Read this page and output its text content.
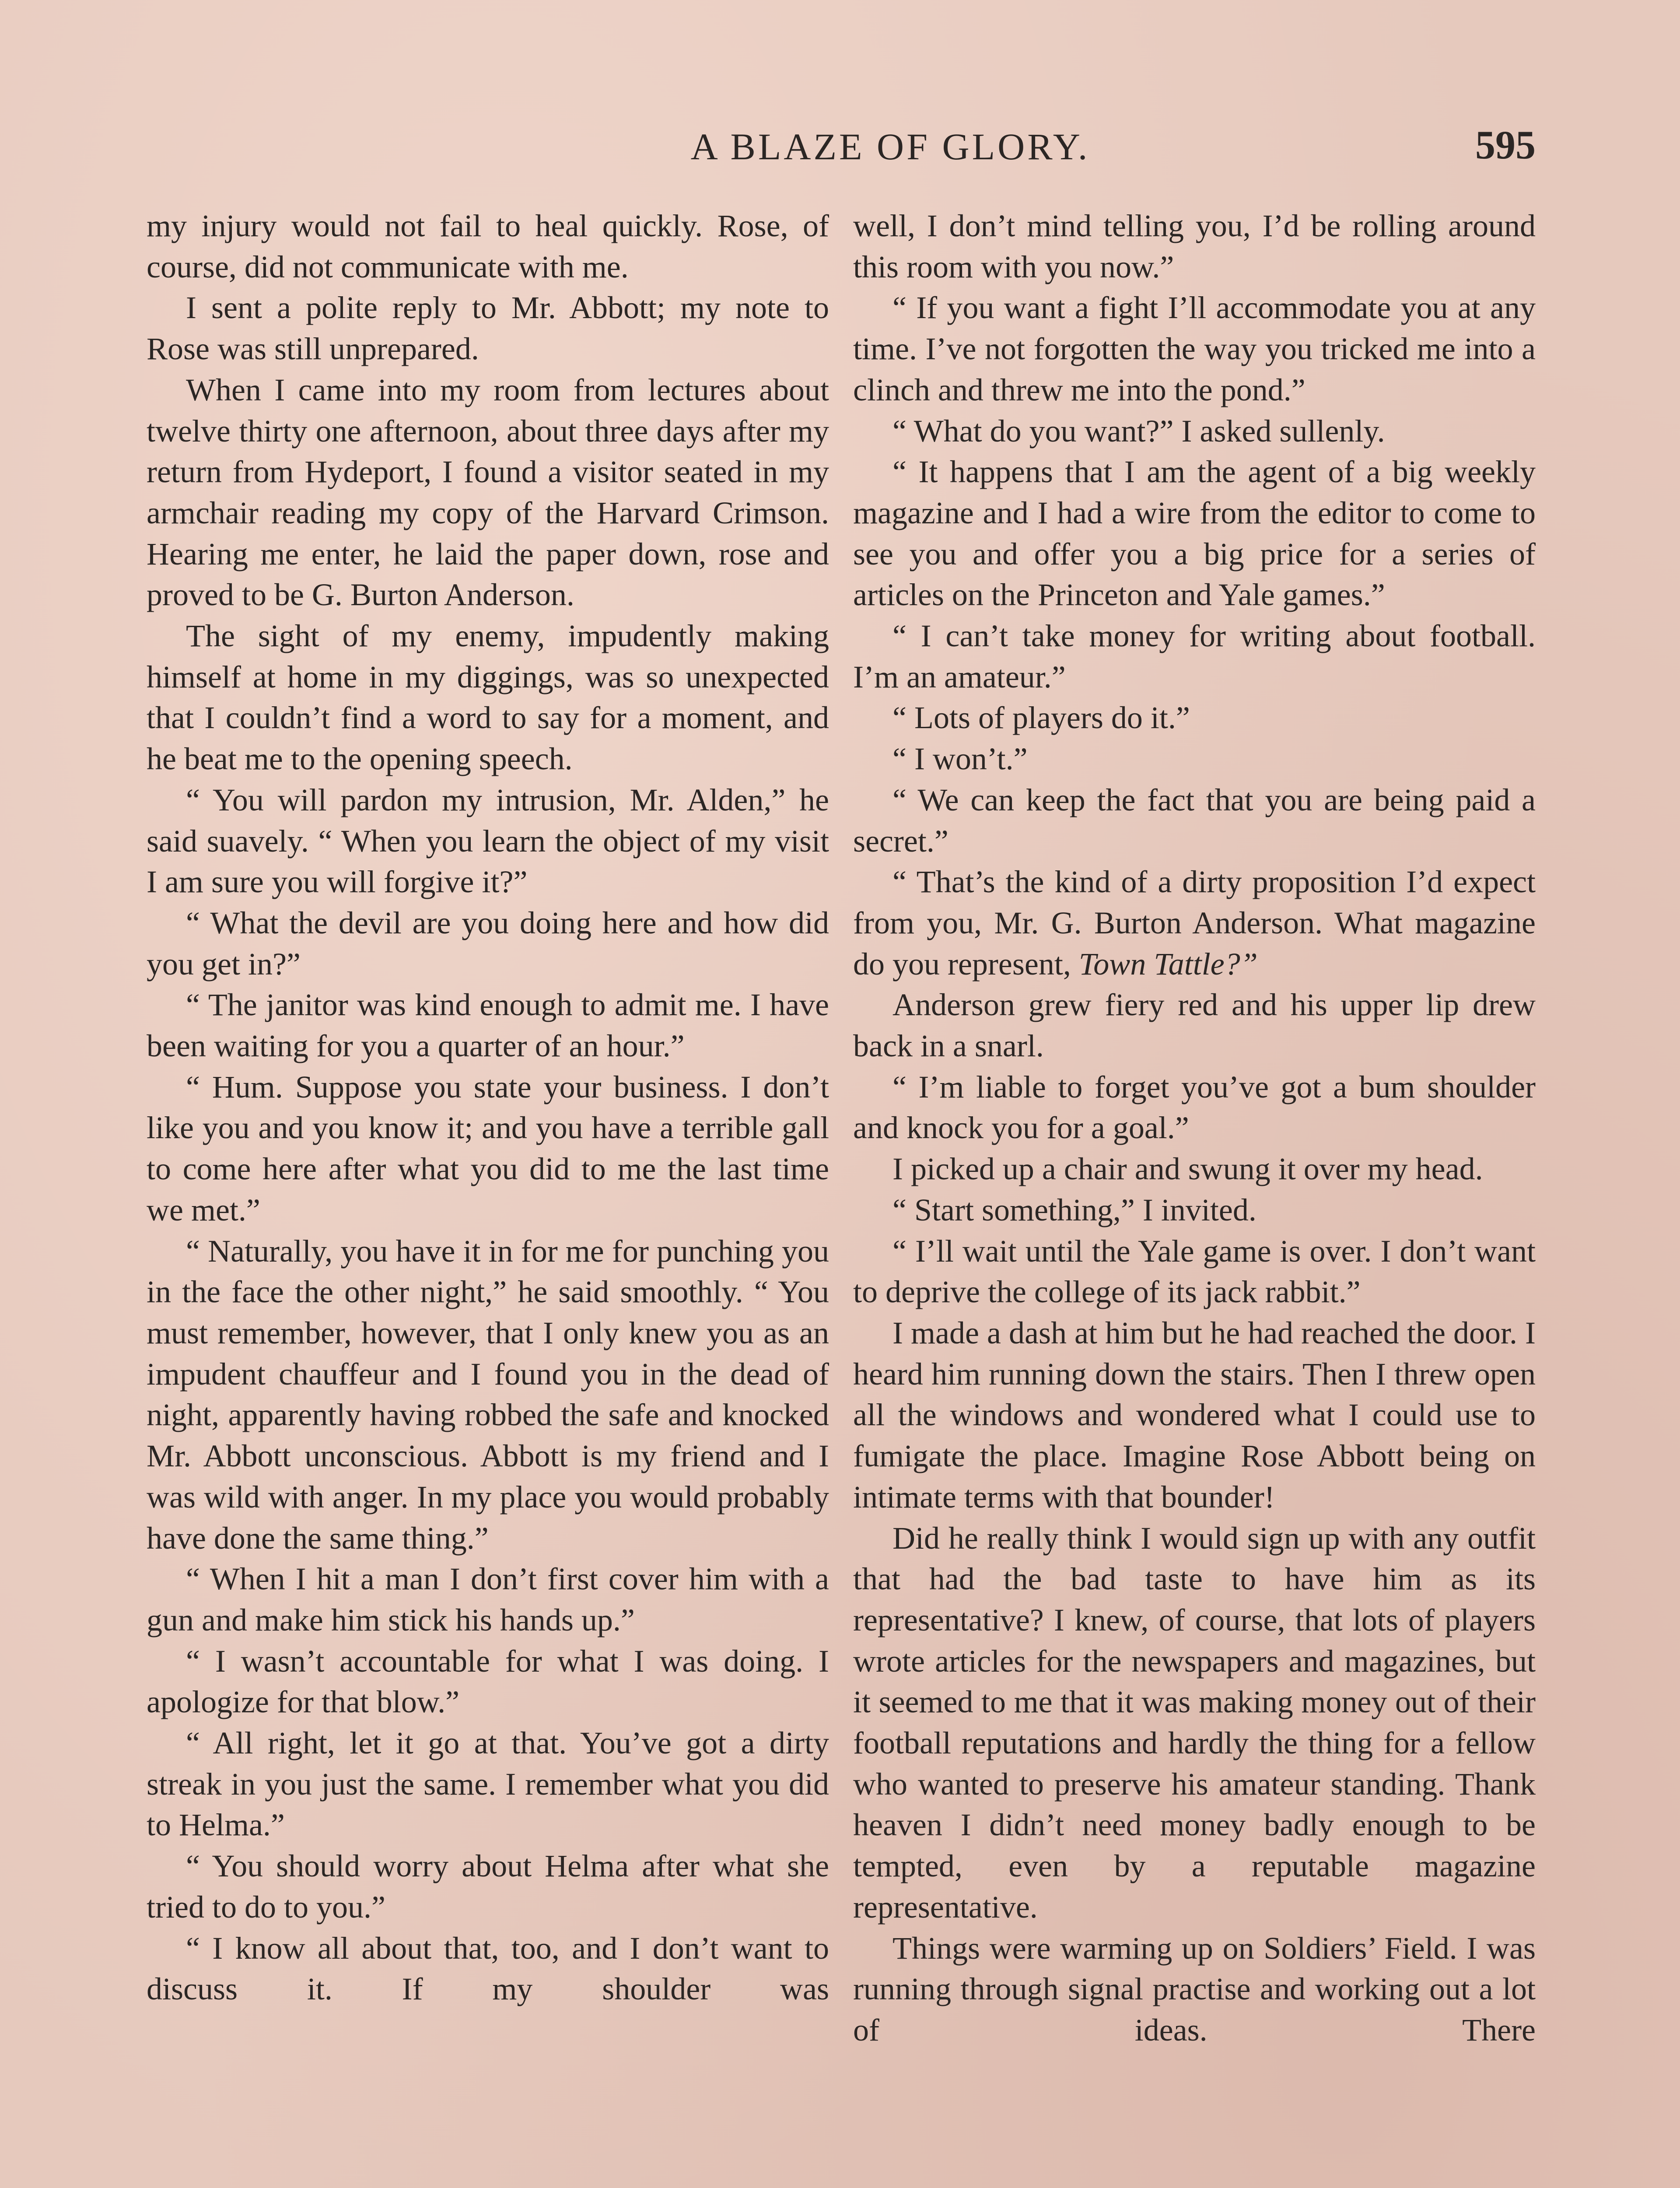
A BLAZE OF GLORY.	595

my injury would not fail to heal quickly. Rose, of course, did not communicate with me.

I sent a polite reply to Mr. Abbott; my note to Rose was still unprepared.

When I came into my room from lectures about twelve thirty one afternoon, about three days after my return from Hydeport, I found a visitor seated in my armchair reading my copy of the Harvard Crimson. Hearing me enter, he laid the paper down, rose and proved to be G. Burton Anderson.

The sight of my enemy, impudently making himself at home in my diggings, was so unexpected that I couldn’t find a word to say for a moment, and he beat me to the opening speech.

“ You will pardon my intrusion, Mr. Alden,” he said suavely. “ When you learn the object of my visit I am sure you will forgive it?”

“ What the devil are you doing here and how did you get in?”

“ The janitor was kind enough to admit me. I have been waiting for you a quarter of an hour.”

“ Hum. Suppose you state your business. I don’t like you and you know it; and you have a terrible gall to come here after what you did to me the last time we met.”

“ Naturally, you have it in for me for punching you in the face the other night,” he said smoothly. “ You must remember, however, that I only knew you as an impudent chauffeur and I found you in the dead of night, apparently having robbed the safe and knocked Mr. Abbott unconscious. Abbott is my friend and I was wild with anger. In my place you would probably have done the same thing.”

“ When I hit a man I don’t first cover him with a gun and make him stick his hands up.”

“ I wasn’t accountable for what I was doing. I apologize for that blow.”

“ All right, let it go at that. You’ve got a dirty streak in you just the same. I remember what you did to Helma.”

“ You should worry about Helma after what she tried to do to you.”

“ I know all about that, too, and I don’t want to discuss it. If my shoulder was

well, I don’t mind telling you, I’d be rolling around this room with you now.”

“ If you want a fight I’ll accommodate you at any time. I’ve not forgotten the way you tricked me into a clinch and threw me into the pond.”

“ What do you want?” I asked sullenly.

“ It happens that I am the agent of a big weekly magazine and I had a wire from the editor to come to see you and offer you a big price for a series of articles on the Princeton and Yale games.”

“ I can’t take money for writing about football. I’m an amateur.”

“ Lots of players do it.”

“ I won’t.”

“ We can keep the fact that you are being paid a secret.”

“ That’s the kind of a dirty proposition I’d expect from you, Mr. G. Burton Anderson. What magazine do you represent, Town Tattle?”

Anderson grew fiery red and his upper lip drew back in a snarl.

“ I’m liable to forget you’ve got a bum shoulder and knock you for a goal.”

I picked up a chair and swung it over my head.

“ Start something,” I invited.

“ I’ll wait until the Yale game is over. I don’t want to deprive the college of its jack rabbit.”

I made a dash at him but he had reached the door. I heard him running down the stairs. Then I threw open all the windows and wondered what I could use to fumigate the place. Imagine Rose Abbott being on intimate terms with that bounder!

Did he really think I would sign up with any outfit that had the bad taste to have him as its representative? I knew, of course, that lots of players wrote articles for the newspapers and magazines, but it seemed to me that it was making money out of their football reputations and hardly the thing for a fellow who wanted to preserve his amateur standing. Thank heaven I didn’t need money badly enough to be tempted, even by a reputable magazine representative.

Things were warming up on Soldiers’ Field. I was running through signal practise and working out a lot of ideas. There
